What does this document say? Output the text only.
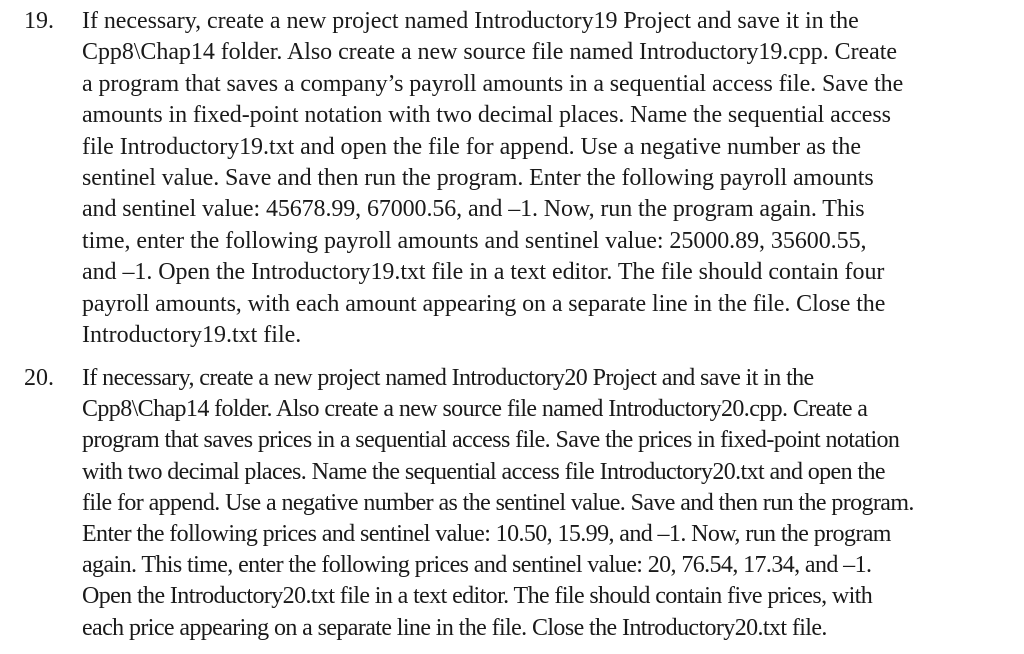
19. If necessary, create a new project named Introductory19 Project and save it in the

Cpp8\Chap14 folder. Also create a new source file named Introductory19.cpp. Create

a program that saves a company’s payroll amounts in a sequential access file. Save the

amounts in fixed-point notation with two decimal places. Name the sequential access

file Introductory19.txt and open the file for append. Use a negative number as the

sentinel value. Save and then run the program. Enter the following payroll amounts

and sentinel value: 45678.99, 67000.56, and –1. Now, run the program again. This

time, enter the following payroll amounts and sentinel value: 25000.89, 35600.55,

and –1. Open the Introductory19.txt file in a text editor. The file should contain four

payroll amounts, with each amount appearing on a separate line in the file. Close the

Introductory19.txt file.

20. If necessary, create a new project named Introductory20 Project and save it in the

Cpp8\Chap14 folder. Also create a new source file named Introductory20.cpp. Create a

program that saves prices in a sequential access file. Save the prices in fixed-point notation

with two decimal places. Name the sequential access file Introductory20.txt and open the

file for append. Use a negative number as the sentinel value. Save and then run the program.

Enter the following prices and sentinel value: 10.50, 15.99, and –1. Now, run the program

again. This time, enter the following prices and sentinel value: 20, 76.54, 17.34, and –1.

Open the Introductory20.txt file in a text editor. The file should contain five prices, with

each price appearing on a separate line in the file. Close the Introductory20.txt file.
